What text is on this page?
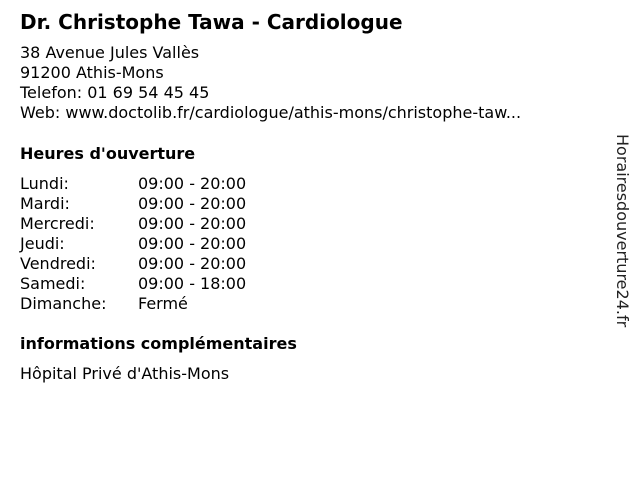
Dr. Christophe Tawa - Cardiologue
38 Avenue Jules Vallès
91200 Athis-Mons
Telefon: 01 69 54 45 45
Web: www.doctolib.fr/cardiologue/athis-mons/christophe-taw...
Heures d'ouverture
Lundi:	09:00 - 20:00
Mardi:	09:00 - 20:00
Mercredi:	09:00 - 20:00
Jeudi:	09:00 - 20:00
Vendredi:	09:00 - 20:00
Samedi:	09:00 - 18:00
Dimanche: Fermé
informations complémentaires
Hôpital Privé d'Athis-Mons
Horairesdouverture24.fr
